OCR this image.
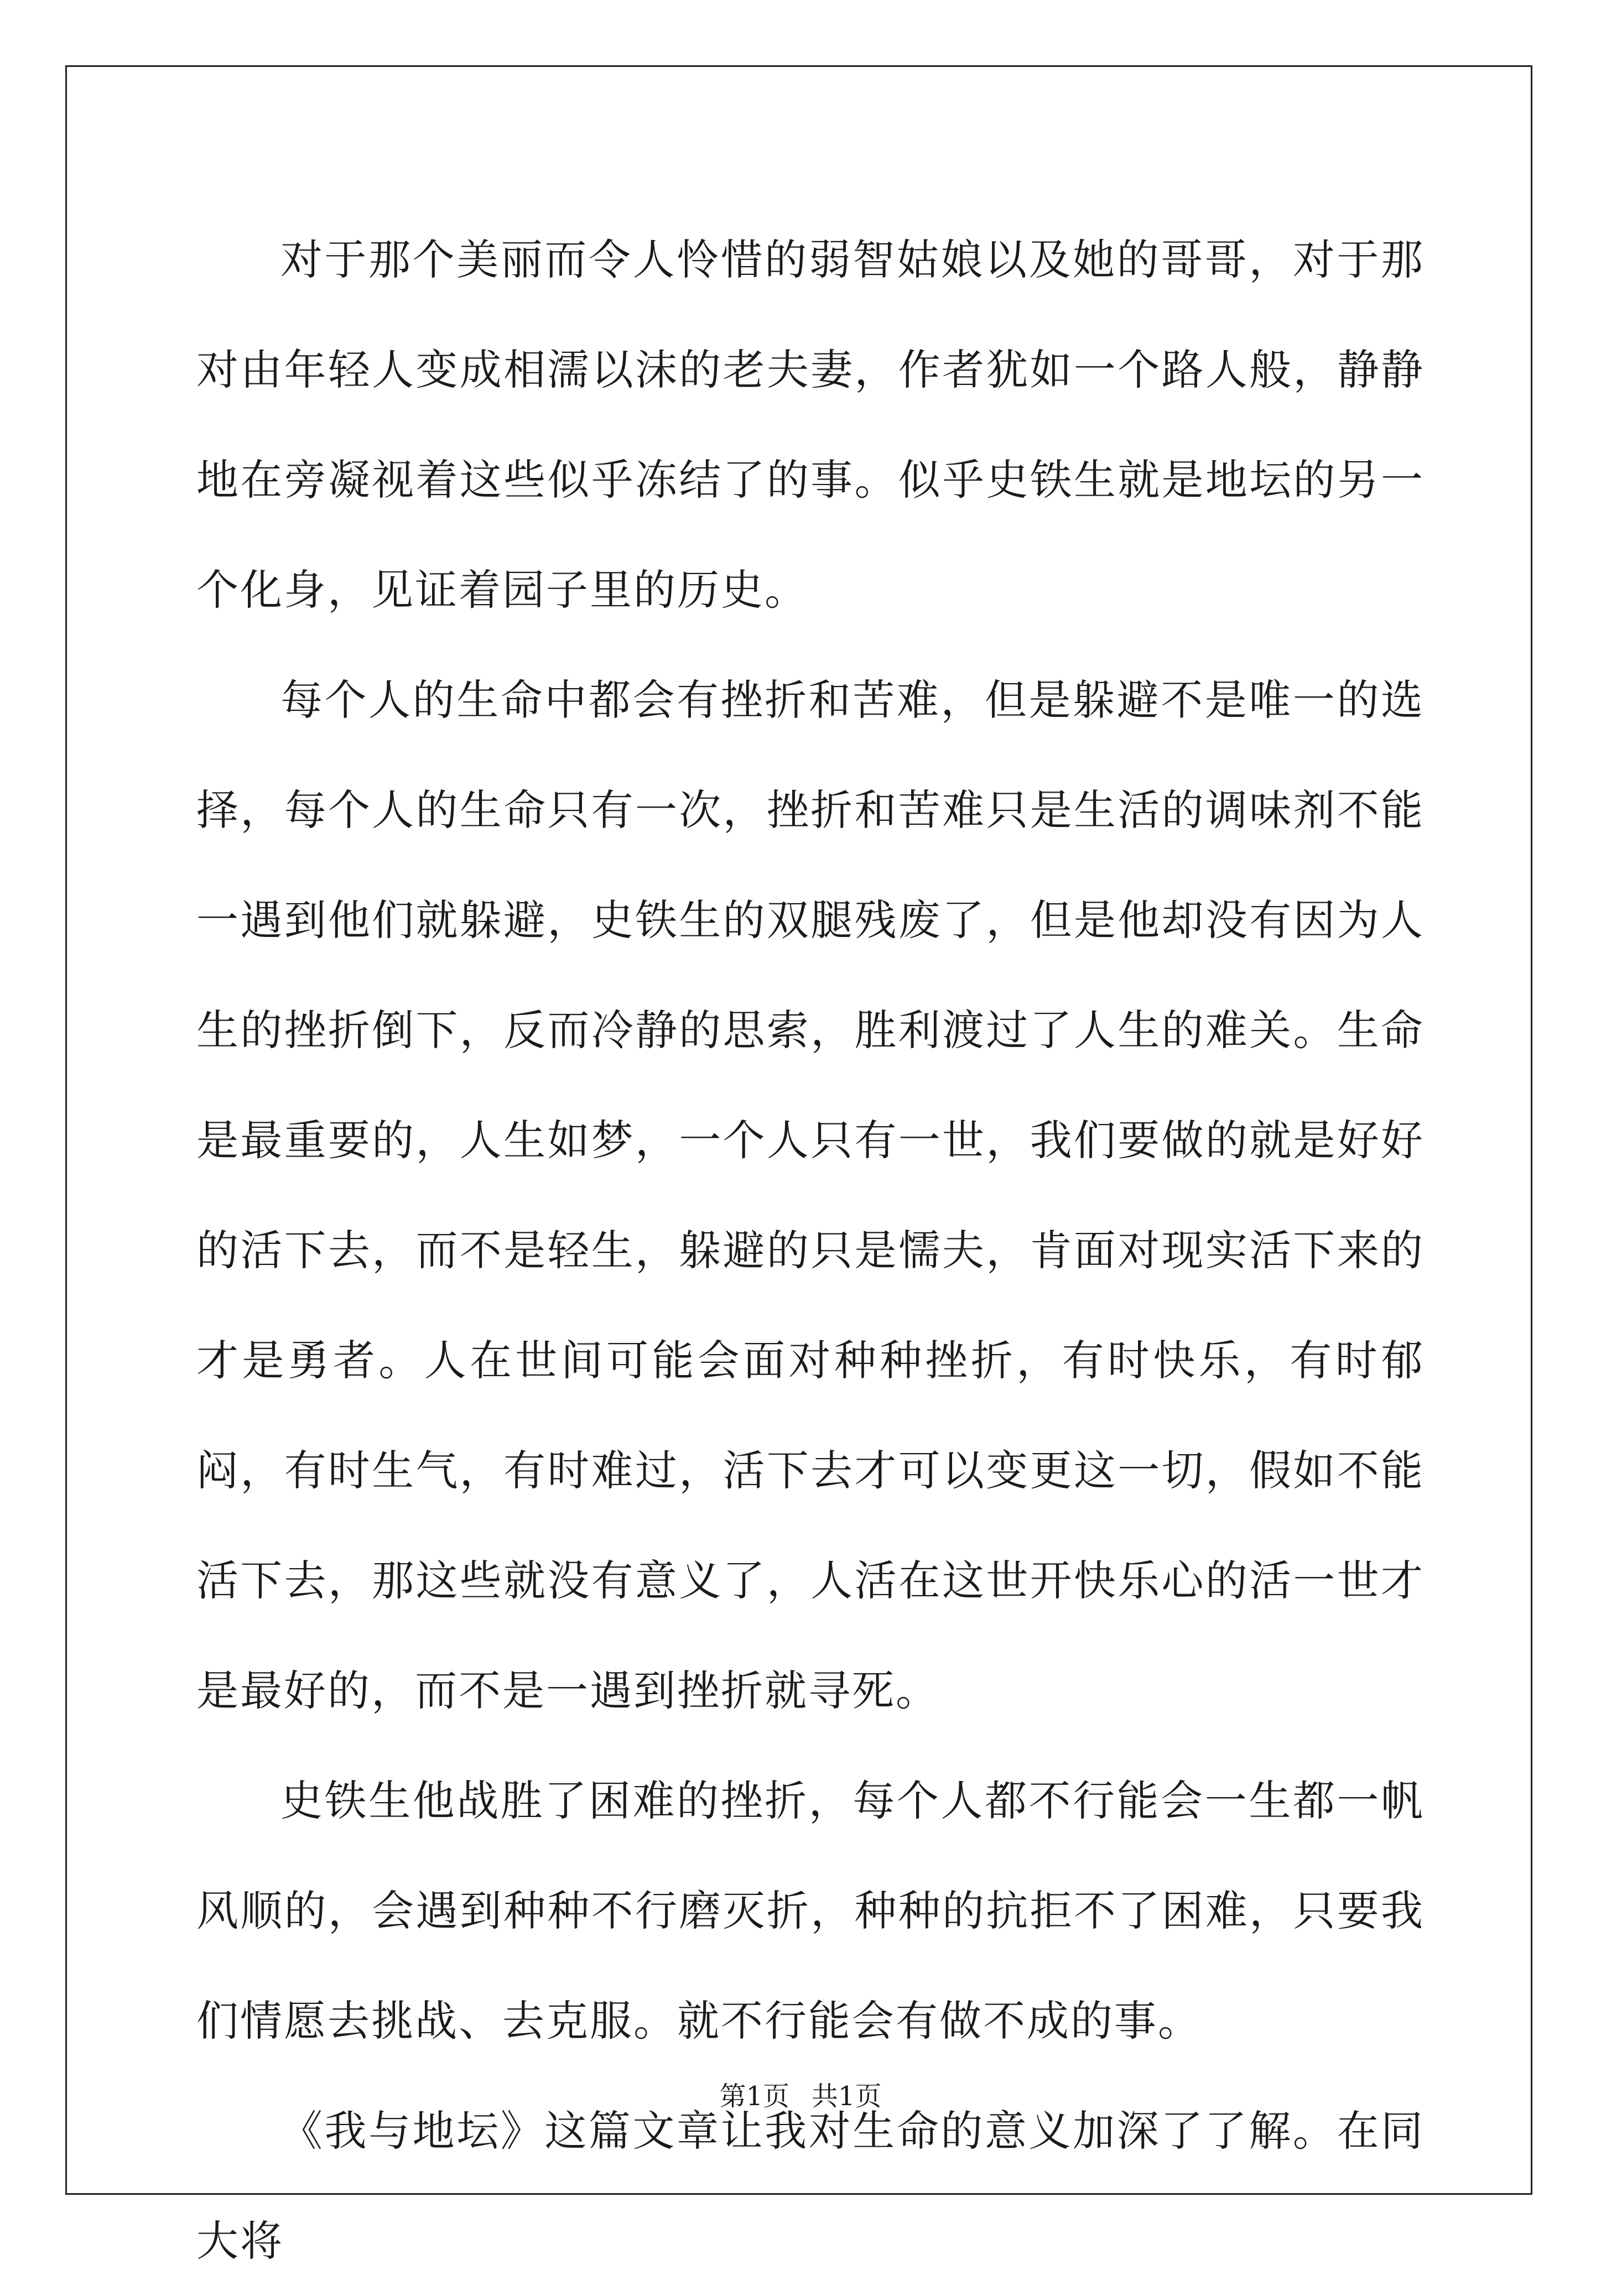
对于那个美丽而令人怜惜的弱智姑娘以及她的哥哥，对于那对由年轻人变成相濡以沫的老夫妻，作者犹如一个路人般，静静地在旁凝视着这些似乎冻结了的事。似乎史铁生就是地坛的另一个化身，见证着园子里的历史。

每个人的生命中都会有挫折和苦难，但是躲避不是唯一的选择，每个人的生命只有一次，挫折和苦难只是生活的调味剂不能一遇到他们就躲避，史铁生的双腿残废了，但是他却没有因为人生的挫折倒下，反而冷静的思索，胜利渡过了人生的难关。生命是最重要的，人生如梦，一个人只有一世，我们要做的就是好好的活下去，而不是轻生，躲避的只是懦夫，肯面对现实活下来的才是勇者。人在世间可能会面对种种挫折，有时快乐，有时郁闷，有时生气，有时难过，活下去才可以变更这一切，假如不能活下去，那这些就没有意义了，人活在这世开快乐心的活一世才是最好的，而不是一遇到挫折就寻死。

史铁生他战胜了困难的挫折，每个人都不行能会一生都一帆风顺的，会遇到种种不行磨灭折，种种的抗拒不了困难，只要我们情愿去挑战、去克服。就不行能会有做不成的事。

《我与地坛》这篇文章让我对生命的意义加深了了解。在同大将

第1页 共1页
